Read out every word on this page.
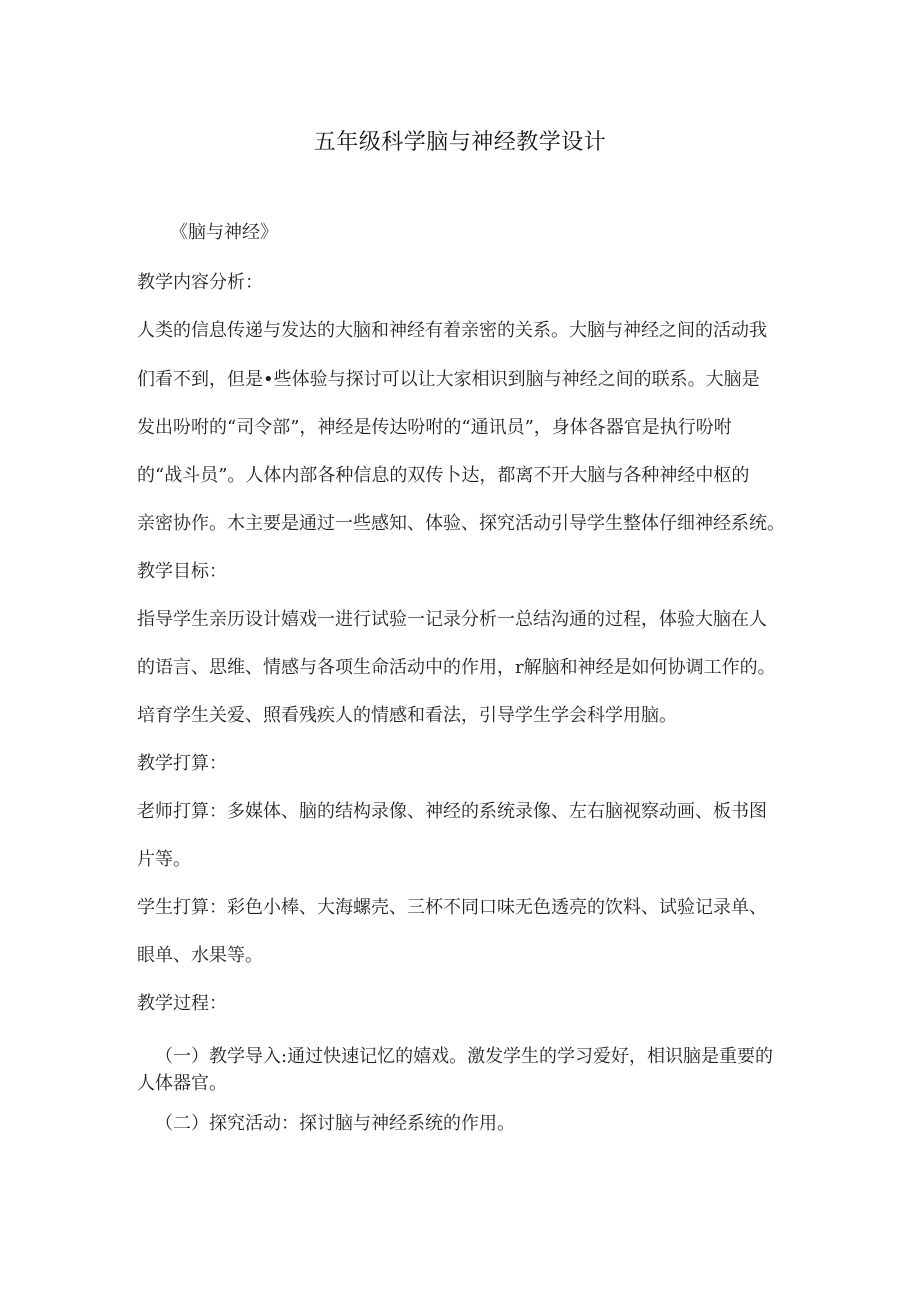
五年级科学脑与神经教学设计
《脑与神经》
教学内容分析：
人类的信息传递与发达的大脑和神经有着亲密的关系。大脑与神经之间的活动我
们看不到，但是•些体验与探讨可以让大家相识到脑与神经之间的联系。大脑是
发出吩咐的“司令部”，神经是传达吩咐的“通讯员”，身体各器官是执行吩咐
的“战斗员”。人体内部各种信息的双传卜达，都离不开大脑与各种神经中枢的
亲密协作。木主要是通过一些感知、体验、探究活动引导学生整体仔细神经系统。
教学目标：
指导学生亲历设计嬉戏一进行试验一记录分析一总结沟通的过程，体验大脑在人
的语言、思维、情感与各项生命活动中的作用，r解脑和神经是如何协调工作的。
培育学生关爱、照看残疾人的情感和看法，引导学生学会科学用脑。
教学打算：
老师打算：多媒体、脑的结构录像、神经的系统录像、左右脑视察动画、板书图
片等。
学生打算：彩色小棒、大海螺壳、三杯不同口味无色透亮的饮料、试验记录单、
眼单、水果等。
教学过程：
（一）教学导入:通过快速记忆的嬉戏。激发学生的学习爱好，相识脑是重要的
人体器官。
（二）探究活动：探讨脑与神经系统的作用。
